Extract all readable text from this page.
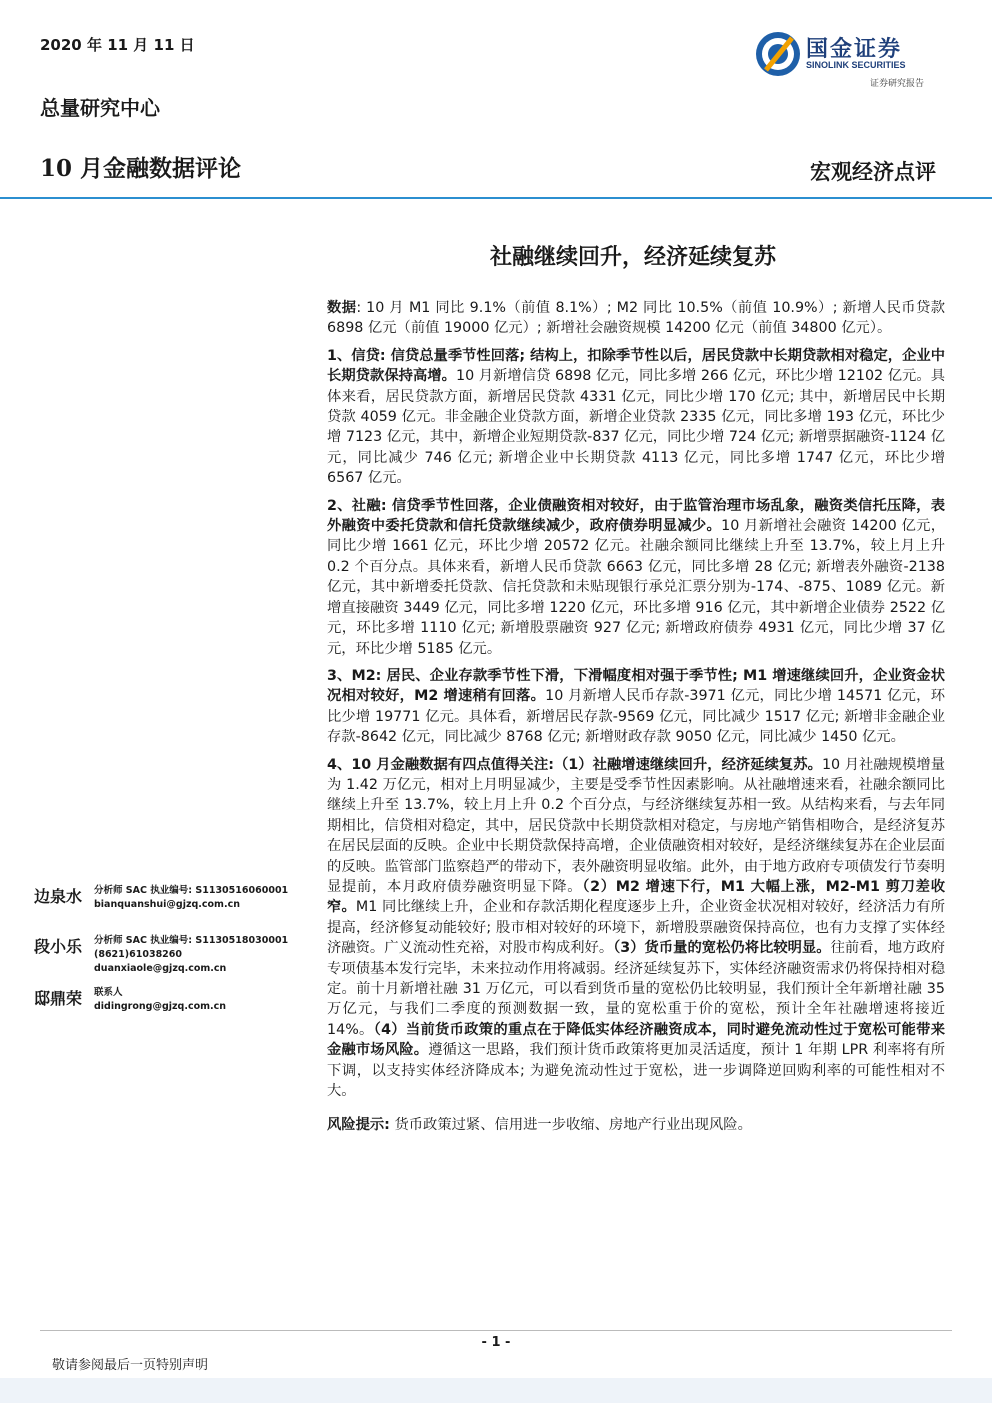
2020 年 11 月 11 日
总量研究中心
10 月金融数据评论	宏观经济点评
国金证券
SINOLINK SECURITIES
证券研究报告
社融继续回升，经济延续复苏

数据: 10 月 M1 同比 9.1%（前值 8.1%）; M2 同比 10.5%（前值 10.9%）; 新增人民币贷款 6898 亿元（前值 19000 亿元）; 新增社会融资规模 14200 亿元（前值 34800 亿元）。

1、信贷: 信贷总量季节性回落; 结构上，扣除季节性以后，居民贷款中长期贷款相对稳定，企业中长期贷款保持高增。10 月新增信贷 6898 亿元，同比多增 266 亿元，环比少增 12102 亿元。具体来看，居民贷款方面，新增居民贷款 4331 亿元，同比少增 170 亿元; 其中，新增居民中长期贷款 4059 亿元。非金融企业贷款方面，新增企业贷款 2335 亿元，同比多增 193 亿元，环比少增 7123 亿元，其中，新增企业短期贷款-837 亿元，同比少增 724 亿元; 新增票据融资-1124 亿元，同比减少 746 亿元; 新增企业中长期贷款 4113 亿元，同比多增 1747 亿元，环比少增 6567 亿元。

2、社融: 信贷季节性回落，企业债融资相对较好，由于监管治理市场乱象，融资类信托压降，表外融资中委托贷款和信托贷款继续减少，政府债券明显减少。10 月新增社会融资 14200 亿元，同比少增 1661 亿元，环比少增 20572 亿元。社融余额同比继续上升至 13.7%，较上月上升 0.2 个百分点。具体来看，新增人民币贷款 6663 亿元，同比多增 28 亿元; 新增表外融资-2138 亿元，其中新增委托贷款、信托贷款和未贴现银行承兑汇票分别为-174、-875、1089 亿元。新增直接融资 3449 亿元，同比多增 1220 亿元，环比多增 916 亿元，其中新增企业债券 2522 亿元，环比多增 1110 亿元; 新增股票融资 927 亿元; 新增政府债券 4931 亿元，同比少增 37 亿元，环比少增 5185 亿元。

3、M2: 居民、企业存款季节性下滑，下滑幅度相对强于季节性; M1 增速继续回升，企业资金状况相对较好，M2 增速稍有回落。10 月新增人民币存款-3971 亿元，同比少增 14571 亿元，环比少增 19771 亿元。具体看，新增居民存款-9569 亿元，同比减少 1517 亿元; 新增非金融企业存款-8642 亿元，同比减少 8768 亿元; 新增财政存款 9050 亿元，同比减少 1450 亿元。

4、10 月金融数据有四点值得关注:（1）社融增速继续回升，经济延续复苏。10 月社融规模增量为 1.42 万亿元，相对上月明显减少，主要是受季节性因素影响。从社融增速来看，社融余额同比继续上升至 13.7%，较上月上升 0.2 个百分点，与经济继续复苏相一致。从结构来看，与去年同期相比，信贷相对稳定，其中，居民贷款中长期贷款相对稳定，与房地产销售相吻合，是经济复苏在居民层面的反映。企业中长期贷款保持高增，企业债融资相对较好，是经济继续复苏在企业层面的反映。监管部门监察趋严的带动下，表外融资明显收缩。此外，由于地方政府专项债发行节奏明显提前，本月政府债券融资明显下降。（2）M2 增速下行，M1 大幅上涨，M2-M1 剪刀差收窄。M1 同比继续上升，企业和存款活期化程度逐步上升，企业资金状况相对较好，经济活力有所提高，经济修复动能较好; 股市相对较好的环境下，新增股票融资保持高位，也有力支撑了实体经济融资。广义流动性充裕，对股市构成利好。（3）货币量的宽松仍将比较明显。往前看，地方政府专项债基本发行完毕，未来拉动作用将减弱。经济延续复苏下，实体经济融资需求仍将保持相对稳定。前十月新增社融 31 万亿元，可以看到货币量的宽松仍比较明显，我们预计全年新增社融 35 万亿元，与我们二季度的预测数据一致，量的宽松重于价的宽松，预计全年社融增速将接近 14%。（4）当前货币政策的重点在于降低实体经济融资成本，同时避免流动性过于宽松可能带来金融市场风险。遵循这一思路，我们预计货币政策将更加灵活适度，预计 1 年期 LPR 利率将有所下调，以支持实体经济降成本; 为避免流动性过于宽松，进一步调降逆回购利率的可能性相对不大。

风险提示: 货币政策过紧、信用进一步收缩、房地产行业出现风险。

边泉水 分析师 SAC 执业编号: S1130516060001
bianquanshui@gjzq.com.cn
段小乐 分析师 SAC 执业编号: S1130518030001
(8621)61038260
duanxiaole@gjzq.com.cn
邸鼎荣 联系人
didingrong@gjzq.com.cn
- 1 -
敬请参阅最后一页特别声明
